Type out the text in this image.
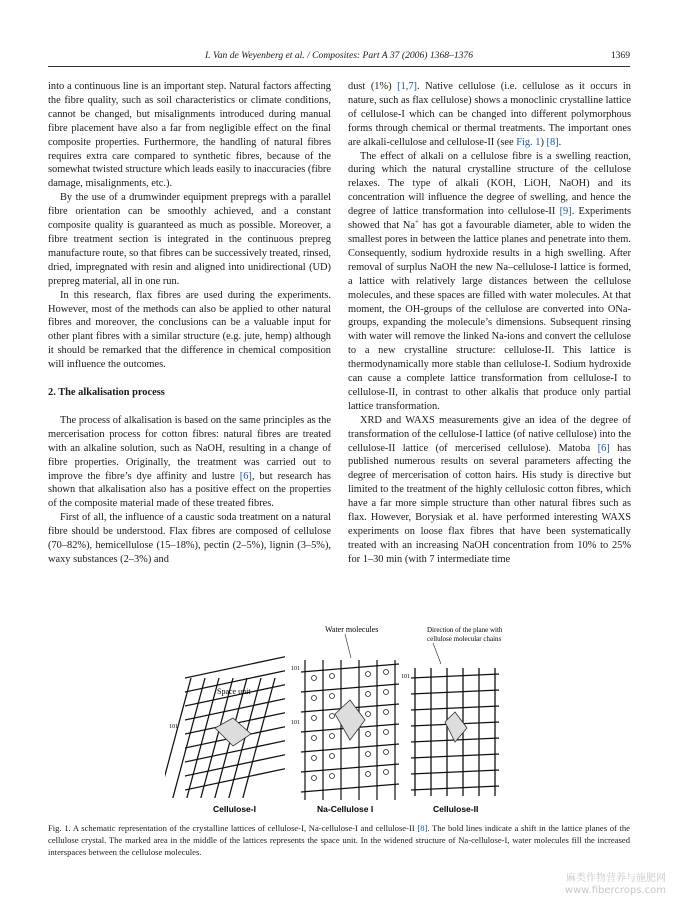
I. Van de Weyenberg et al. / Composites: Part A 37 (2006) 1368–1376	1369

into a continuous line is an important step. Natural factors affecting the fibre quality, such as soil characteristics or climate conditions, cannot be changed, but misalignments introduced during manual fibre placement have also a far from negligible effect on the final composite properties. Furthermore, the handling of natural fibres requires extra care compared to synthetic fibres, because of the somewhat twisted structure which leads easily to inaccuracies (fibre damage, misalignments, etc.).

By the use of a drumwinder equipment prepregs with a parallel fibre orientation can be smoothly achieved, and a constant composite quality is guaranteed as much as possible. Moreover, a fibre treatment section is integrated in the continuous prepreg manufacture route, so that fibres can be successively treated, rinsed, dried, impregnated with resin and aligned into unidirectional (UD) prepreg material, all in one run.

In this research, flax fibres are used during the experiments. However, most of the methods can also be applied to other natural fibres and moreover, the conclusions can be a valuable input for other plant fibres with a similar structure (e.g. jute, hemp) although it should be remarked that the difference in chemical composition will influence the outcomes.

2. The alkalisation process

The process of alkalisation is based on the same principles as the mercerisation process for cotton fibres: natural fibres are treated with an alkaline solution, such as NaOH, resulting in a change of fibre properties. Originally, the treatment was carried out to improve the fibre’s dye affinity and lustre [6], but research has shown that alkalisation also has a positive effect on the properties of the composite material made of these treated fibres.

First of all, the influence of a caustic soda treatment on a natural fibre should be understood. Flax fibres are composed of cellulose (70–82%), hemicellulose (15–18%), pectin (2–5%), lignin (3–5%), waxy substances (2–3%) and

dust (1%) [1,7]. Native cellulose (i.e. cellulose as it occurs in nature, such as flax cellulose) shows a monoclinic crystalline lattice of cellulose-I which can be changed into different polymorphous forms through chemical or thermal treatments. The important ones are alkali-cellulose and cellulose-II (see Fig. 1) [8].

The effect of alkali on a cellulose fibre is a swelling reaction, during which the natural crystalline structure of the cellulose relaxes. The type of alkali (KOH, LiOH, NaOH) and its concentration will influence the degree of swelling, and hence the degree of lattice transformation into cellulose-II [9]. Experiments showed that Na+ has got a favourable diameter, able to widen the smallest pores in between the lattice planes and penetrate into them. Consequently, sodium hydroxide results in a high swelling. After removal of surplus NaOH the new Na–cellulose-I lattice is formed, a lattice with relatively large distances between the cellulose molecules, and these spaces are filled with water molecules. At that moment, the OH-groups of the cellulose are converted into ONa-groups, expanding the molecule’s dimensions. Subsequent rinsing with water will remove the linked Na-ions and convert the cellulose to a new crystalline structure: cellulose-II. This lattice is thermodynamically more stable than cellulose-I. Sodium hydroxide can cause a complete lattice transformation from cellulose-I to cellulose-II, in contrast to other alkalis that produce only partial lattice transformation.

XRD and WAXS measurements give an idea of the degree of transformation of the cellulose-I lattice (of native cellulose) into the cellulose-II lattice (of mercerised cellulose). Matoba [6] has published numerous results on several parameters affecting the degree of mercerisation of cotton hairs. His study is directive but limited to the treatment of the highly cellulosic cotton fibres, which have a far more simple structure than other natural fibres such as flax. However, Borysiak et al. have performed interesting WAXS experiments on loose flax fibres that have been systematically treated with an increasing NaOH concentration from 10% to 25% for 1–30 min (with 7 intermediate time

Space unit
101
Water molecules
101
101
Direction of the plane with
cellulose molecular chains
101
Cellulose-I	Na-Cellulose I	Cellulose-II
Fig. 1. A schematic representation of the crystalline lattices of cellulose-I, Na-cellulose-I and cellulose-II [8]. The bold lines indicate a shift in the lattice planes of the cellulose crystal. The marked area in the middle of the lattices represents the space unit. In the widened structure of Na-cellulose-I, water molecules fill the increased interspaces between the cellulose molecules.
麻类作物营养与施肥网
www.fibercrops.com
